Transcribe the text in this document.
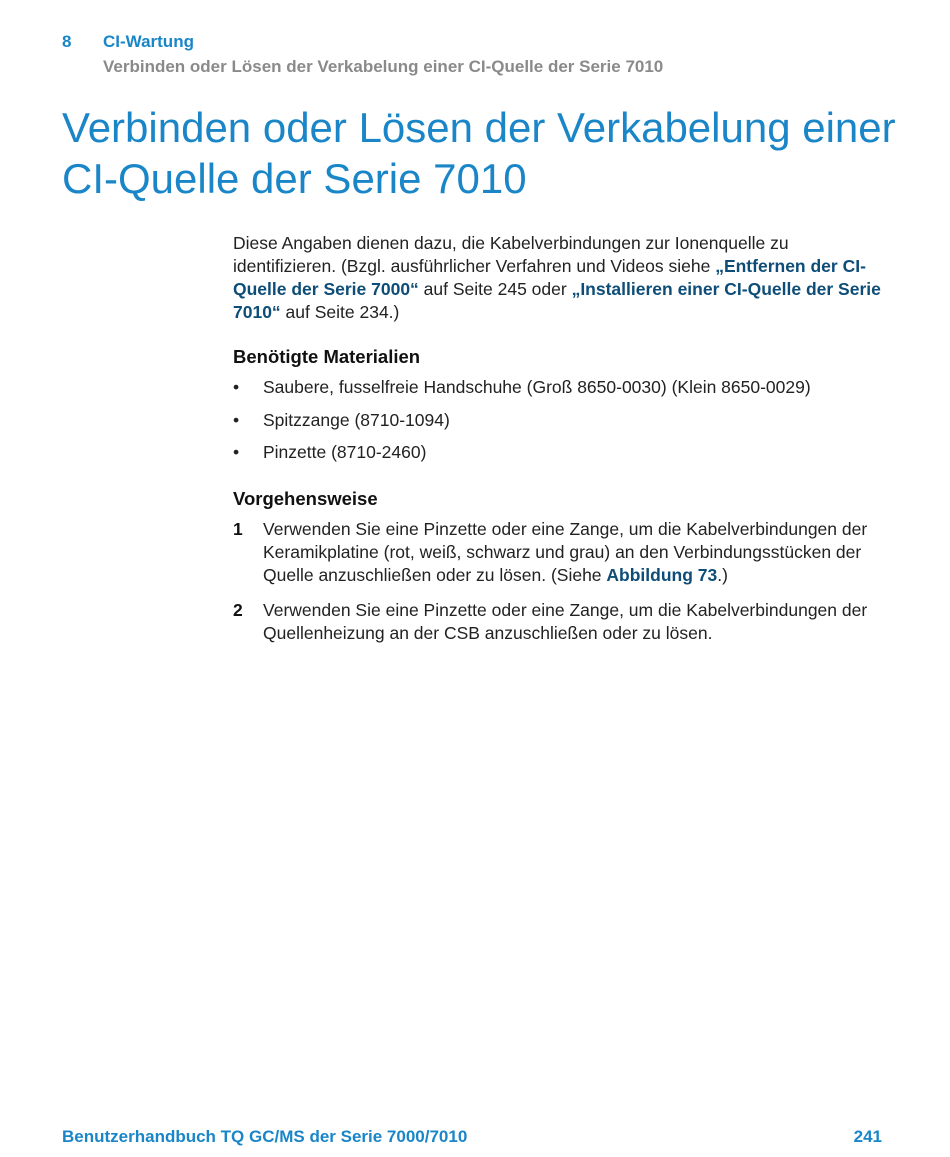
8 CI-Wartung
Verbinden oder Lösen der Verkabelung einer CI-Quelle der Serie 7010
Verbinden oder Lösen der Verkabelung einer CI-Quelle der Serie 7010

Diese Angaben dienen dazu, die Kabelverbindungen zur Ionenquelle zu identifizieren. (Bzgl. ausführlicher Verfahren und Videos siehe „Entfernen der CI-Quelle der Serie 7000“ auf Seite 245 oder „Installieren einer CI-Quelle der Serie 7010“ auf Seite 234.)

Benötigte Materialien
• Saubere, fusselfreie Handschuhe (Groß 8650-0030) (Klein 8650-0029)
• Spitzzange (8710-1094)
• Pinzette (8710-2460)
Vorgehensweise
1 Verwenden Sie eine Pinzette oder eine Zange, um die Kabelverbindungen der Keramikplatine (rot, weiß, schwarz und grau) an den Verbindungsstücken der Quelle anzuschließen oder zu lösen. (Siehe Abbildung 73.)
2 Verwenden Sie eine Pinzette oder eine Zange, um die Kabelverbindungen der Quellenheizung an der CSB anzuschließen oder zu lösen.
Benutzerhandbuch TQ GC/MS der Serie 7000/7010	241
